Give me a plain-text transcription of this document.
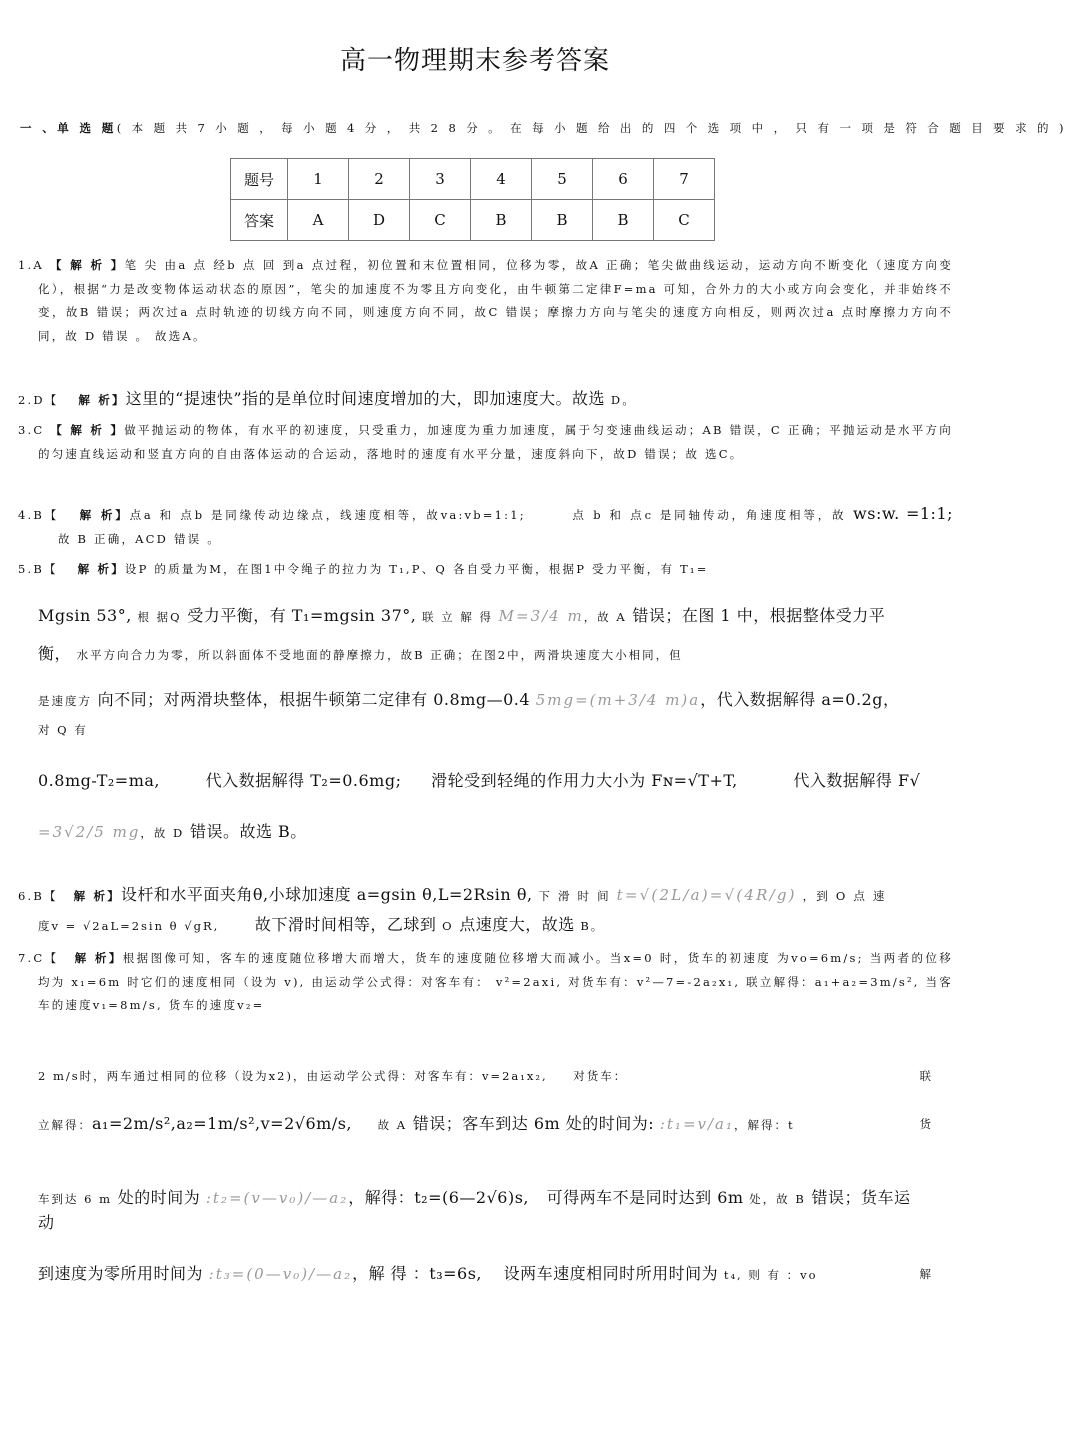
高一物理期末参考答案
一 、单 选 题( 本 题 共 7 小 题 ， 每 小 题 4 分 ， 共 2 8 分 。 在 每 小 题 给 出 的 四 个 选 项 中 ， 只 有 一 项 是 符 合 题 目 要 求 的 )
题号	1	2	3	4	5	6	7
答案	A	D	C	B	B	B	C
1.A 【 解 析 】笔 尖 由a 点 经b 点 回 到a 点过程，初位置和末位置相同，位移为零，故A 正确；笔尖做曲线运动，运动方向不断变化（速度方向变化），根据“力是改变物体运动状态的原因”，笔尖的加速度不为零且方向变化，由牛顿第二定律F=ma 可知，合外力的大小或方向会变化，并非始终不变，故B 错误；两次过a 点时轨迹的切线方向不同，则速度方向不同，故C 错误；摩擦力方向与笔尖的速度方向相反，则两次过a 点时摩擦力方向不同，故 D 错误 。 故选A。
2.D【 解 析】这里的“提速快”指的是单位时间速度增加的大，即加速度大。故选 D。
3.C 【 解 析 】做平抛运动的物体，有水平的初速度，只受重力，加速度为重力加速度，属于匀变速曲线运动；AB 错误，C 正确；平抛运动是水平方向的匀速直线运动和竖直方向的自由落体运动的合运动，落地时的速度有水平分量，速度斜向下，故D 错误；故 选C。
4.B【 解 析】点a 和 点b 是同缘传动边缘点，线速度相等，故va:vb=1:1;	点 b 和 点c 是同轴传动，角速度相等，故 ws:w. =1:1; 故 B 正确，ACD 错误 。
5.B【 解 析】设P 的质量为M，在图1中令绳子的拉力为 T₁,P、Q 各自受力平衡，根据P 受力平衡，有 T₁=
Mgsin 53°, 根 据Q 受力平衡，有 T₁=mgsin 37°, 联 立 解 得 M=3/4 m，故 A 错误；在图 1 中，根据整体受力平
衡， 水平方向合力为零，所以斜面体不受地面的静摩擦力，故B 正确；在图2中，两滑块速度大小相同，但
是速度方 向不同；对两滑块整体，根据牛顿第二定律有 0.8mg—0.4 5mg=(m+3/4 m)a，代入数据解得 a=0.2g，
对 Q 有
0.8mg-T₂=ma,	代入数据解得 T₂=0.6mg; 滑轮受到轻绳的作用力大小为 Fɴ=√T+T,	代入数据解得 F√
=3√2/5 mg，故 D 错误。故选 B。
6.B【 解 析】设杆和水平面夹角θ,小球加速度 a=gsin θ,L=2Rsin θ, 下 滑 时 间 t=√(2L/a)=√(4R/g) ，到 O 点 速
度v = √2aL=2sin θ √gR, 故下滑时间相等，乙球到 O 点速度大，故选 B。
7.C【 解 析】根据图像可知，客车的速度随位移增大而增大，货车的速度随位移增大而减小。当x=0 时，货车的初速度 为vo=6m/s; 当两者的位移均为 x₁=6m 时它们的速度相同（设为 v), 由运动学公式得：对客车有： v²=2axi, 对货车有：v²—7=-2a₂x₁, 联立解得：a₁+a₂=3m/s², 当客车的速度v₁=8m/s, 货车的速度v₂=
2 m/s时，两车通过相同的位移（设为x2)，由运动学公式得：对客车有：v=2a₁x₂, 对货车：	联
立解得：a₁=2m/s²,a₂=1m/s²,v=2√6m/s, 故 A 错误；客车到达 6m 处的时间为: :t₁=v/a₁，解得：t	货
车到达 6 m 处的时间为 :t₂=(v—v₀)/—a₂，解得：t₂=(6—2√6)s, 可得两车不是同时达到 6m 处，故 B 错误；货车运
动
到速度为零所用时间为 :t₃=(0—v₀)/—a₂，解 得 ：t₃=6s, 设两车速度相同时所用时间为 t₄, 则 有 ：vo	解
